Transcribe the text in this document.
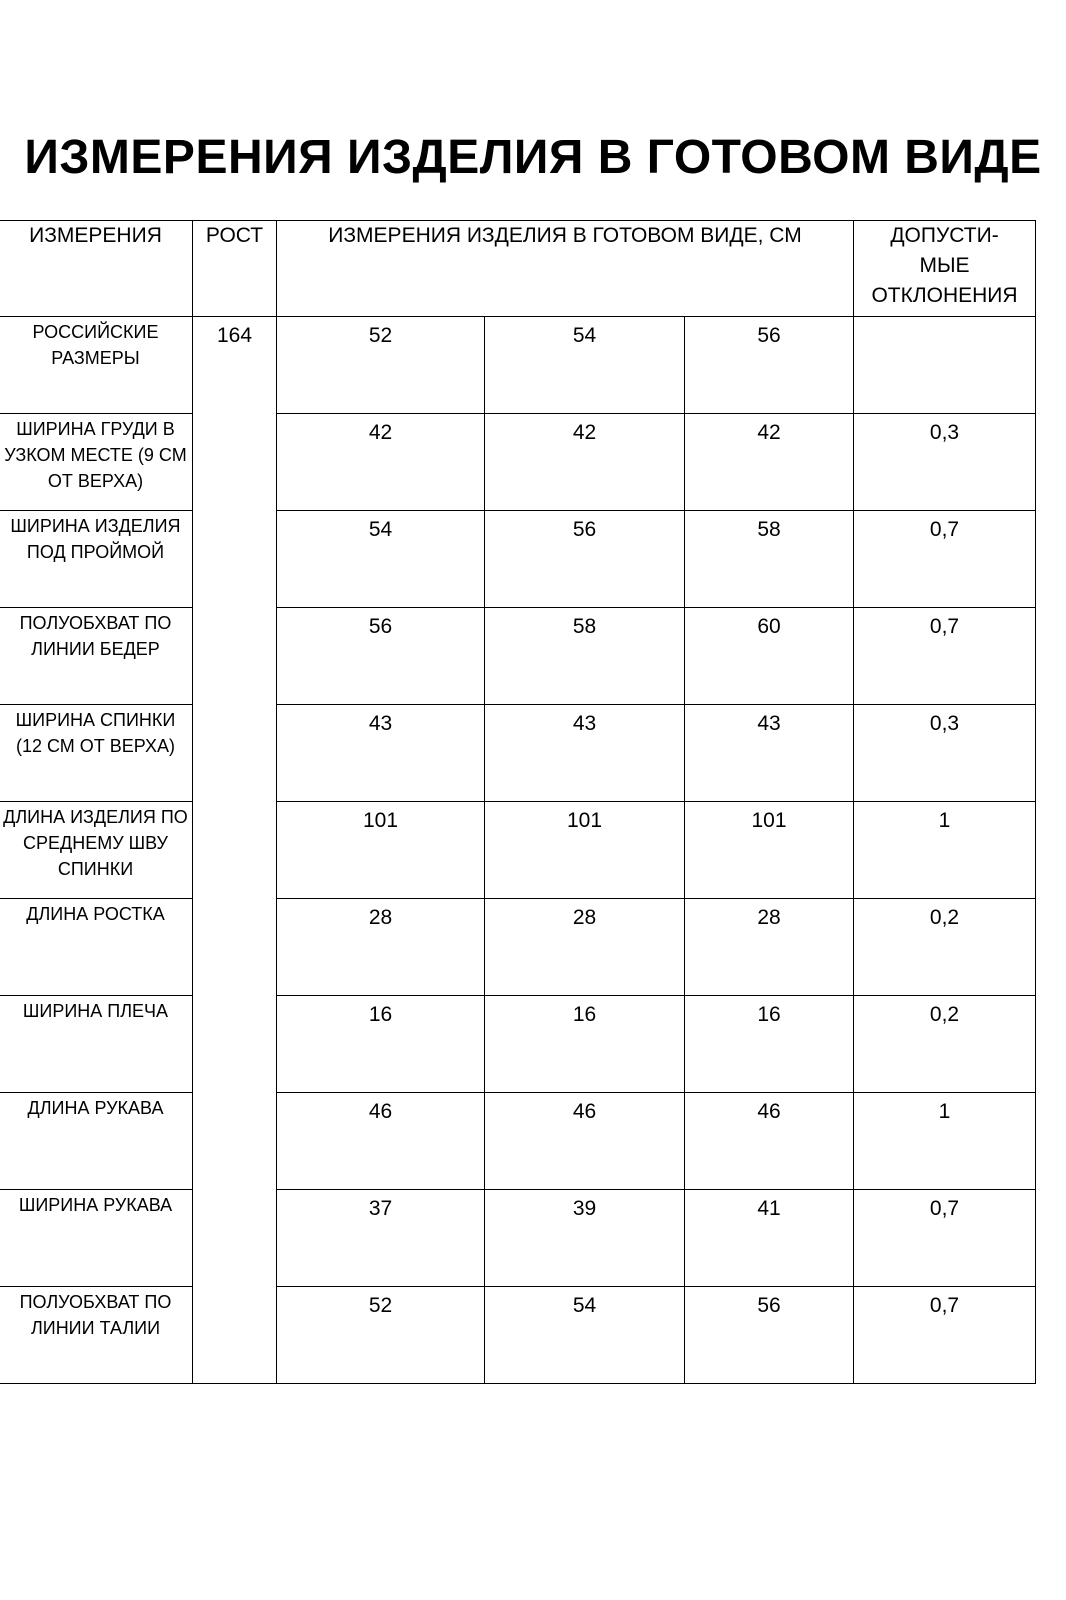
ИЗМЕРЕНИЯ ИЗДЕЛИЯ В ГОТОВОМ ВИДЕ
ИЗМЕРЕНИЯ	РОСТ	ИЗМЕРЕНИЯ ИЗДЕЛИЯ В ГОТОВОМ ВИДЕ, СМ			ДОПУСТИ-
МЫЕ
ОТКЛОНЕНИЯ

РОССИЙСКИЕ РАЗМЕРЫ	164	52	54	56	
ШИРИНА ГРУДИ В УЗКОМ МЕСТЕ (9 СМ ОТ ВЕРХА)		42	42	42	0,3
ШИРИНА ИЗДЕЛИЯ ПОД ПРОЙМОЙ		54	56	58	0,7
ПОЛУОБХВАТ ПО ЛИНИИ БЕДЕР		56	58	60	0,7
ШИРИНА СПИНКИ (12 СМ ОТ ВЕРХА)		43	43	43	0,3
ДЛИНА ИЗДЕЛИЯ ПО СРЕДНЕМУ ШВУ СПИНКИ		101	101	101	1
ДЛИНА РОСТКА		28	28	28	0,2
ШИРИНА ПЛЕЧА		16	16	16	0,2
ДЛИНА РУКАВА		46	46	46	1
ШИРИНА РУКАВА		37	39	41	0,7
ПОЛУОБХВАТ ПО ЛИНИИ ТАЛИИ		52	54	56	0,7
